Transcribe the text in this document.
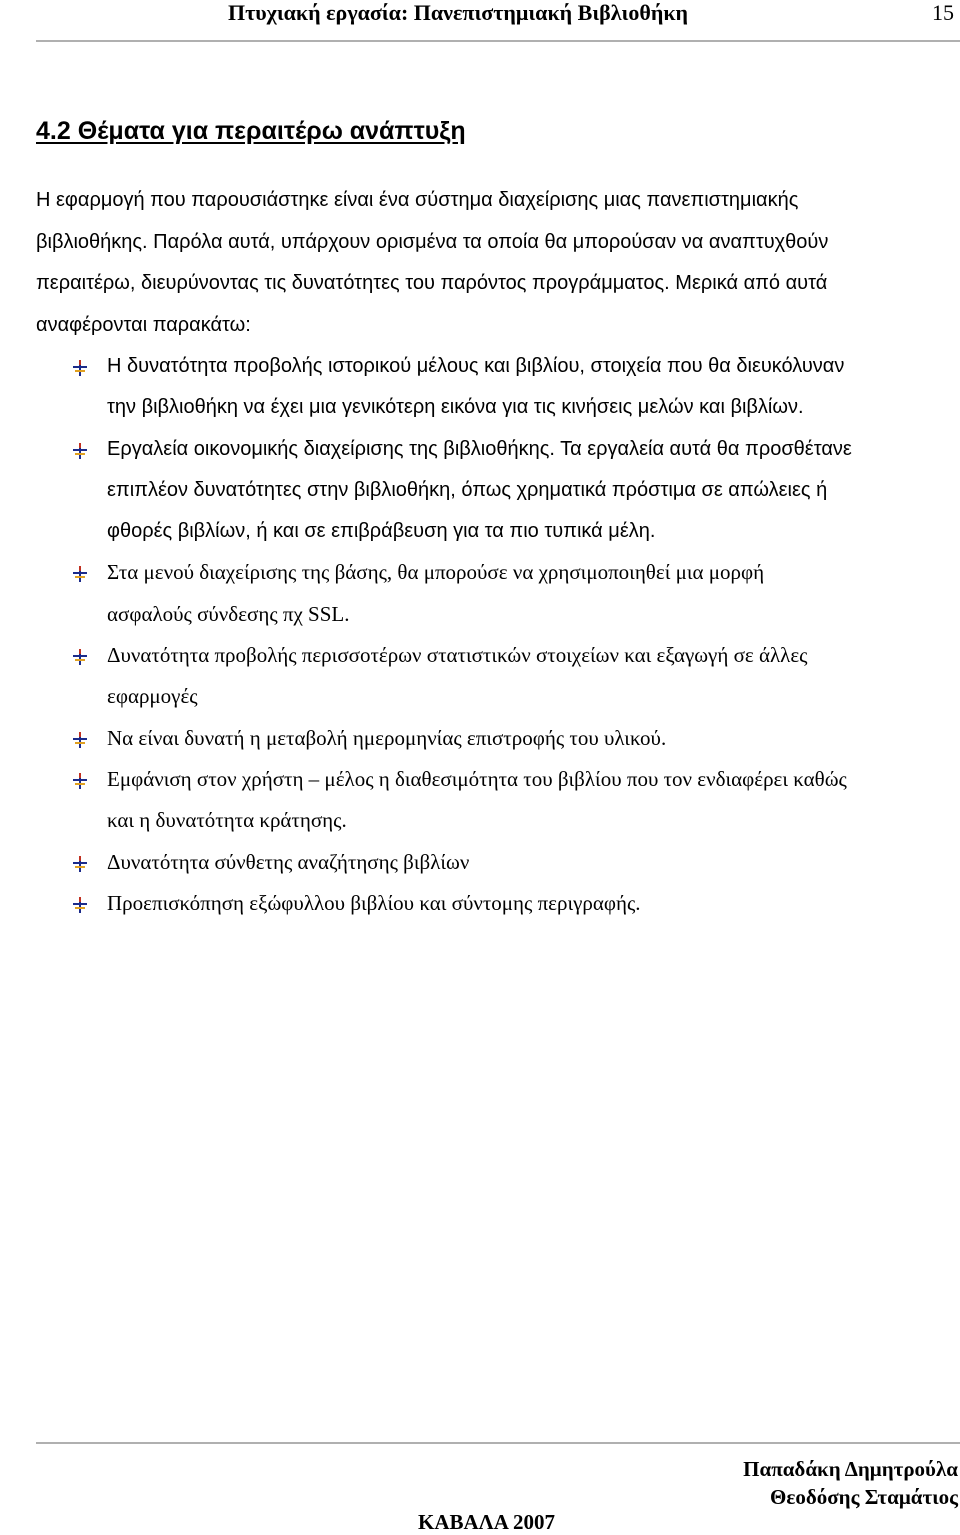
Πτυχιακή εργασία: Πανεπιστημιακή Βιβλιοθήκη	15
4.2 Θέματα για περαιτέρω ανάπτυξη

Η εφαρμογή που παρουσιάστηκε είναι ένα σύστημα διαχείρισης μιας πανεπιστημιακής
βιβλιοθήκης. Παρόλα αυτά, υπάρχουν ορισμένα τα οποία θα μπορούσαν να αναπτυχθούν
περαιτέρω, διευρύνοντας τις δυνατότητες του παρόντος προγράμματος. Μερικά από αυτά
αναφέρονται παρακάτω:

Η δυνατότητα προβολής ιστορικού μέλους και βιβλίου, στοιχεία που θα διευκόλυναν
την βιβλιοθήκη να έχει μια γενικότερη εικόνα για τις κινήσεις μελών και βιβλίων.
Εργαλεία οικονομικής διαχείρισης της βιβλιοθήκης. Τα εργαλεία αυτά θα προσθέτανε
επιπλέον δυνατότητες στην βιβλιοθήκη, όπως χρηματικά πρόστιμα σε απώλειες ή
φθορές βιβλίων, ή και σε επιβράβευση για τα πιο τυπικά μέλη.
Στα μενού διαχείρισης της βάσης, θα μπορούσε να χρησιμοποιηθεί μια μορφή
ασφαλούς σύνδεσης πχ SSL.
Δυνατότητα προβολής περισσοτέρων στατιστικών στοιχείων και εξαγωγή σε άλλες
εφαρμογές
Να είναι δυνατή η μεταβολή ημερομηνίας επιστροφής του υλικού.
Εμφάνιση στον χρήστη – μέλος η διαθεσιμότητα του βιβλίου που τον ενδιαφέρει καθώς
και η δυνατότητα κράτησης.
Δυνατότητα σύνθετης αναζήτησης βιβλίων
Προεπισκόπηση εξώφυλλου βιβλίου και σύντομης περιγραφής.
Παπαδάκη Δημητρούλα
Θεοδόσης Σταμάτιος
ΚΑΒΑΛΑ 2007
